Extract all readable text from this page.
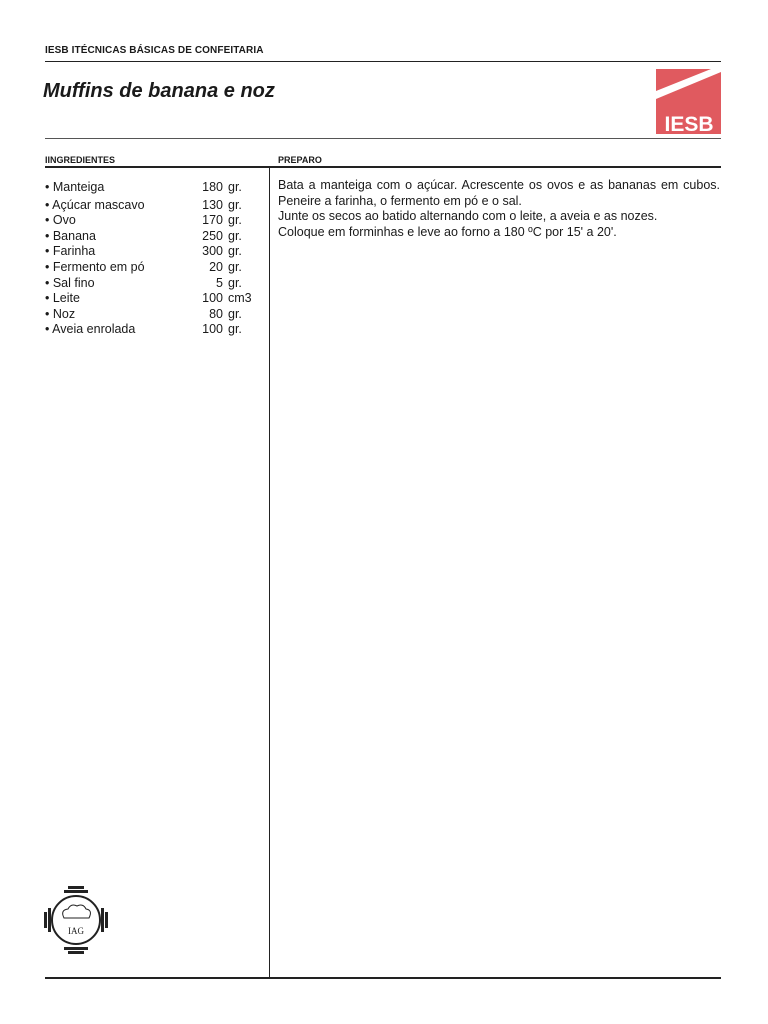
IESB ITÉCNICAS BÁSICAS DE CONFEITARIA
Muffins de banana e noz
IESB
IINGREDIENTES	PREPARO
• Manteiga	180 gr.
• Açúcar mascavo	130 gr.
• Ovo	170 gr.
• Banana	250 gr.
• Farinha	300 gr.
• Fermento em pó	20 gr.
• Sal fino	5 gr.
• Leite	100 cm3
• Noz	80 gr.
• Aveia enrolada	100 gr.
Bata a manteiga com o açúcar. Acrescente os ovos e as bananas em cubos.
Peneire a farinha, o fermento em pó e o sal.
Junte os secos ao batido alternando com o leite, a aveia e as nozes.
Coloque em forminhas e leve ao forno a 180 ºC por 15' a 20'.
IAG
